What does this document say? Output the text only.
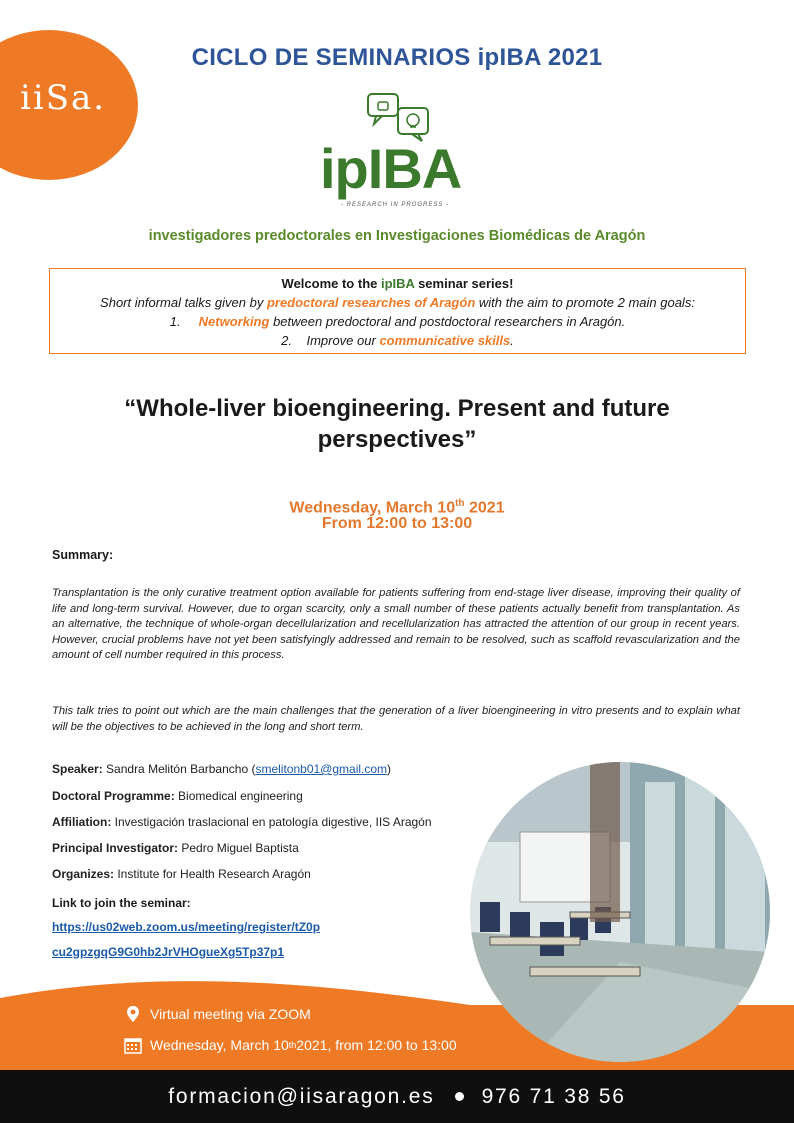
iiSa.
CICLO DE SEMINARIOS ipIBA 2021
ipIBA
- RESEARCH IN PROGRESS -
investigadores predoctorales en Investigaciones Biomédicas de Aragón
Welcome to the ipIBA seminar series!
Short informal talks given by predoctoral researches of Aragón with the aim to promote 2 main goals:
1. Networking between predoctoral and postdoctoral researchers in Aragón.
2. Improve our communicative skills.
“Whole-liver bioengineering. Present and future
perspectives”
Wednesday, March 10th 2021
From 12:00 to 13:00
Summary:
Transplantation is the only curative treatment option available for patients suffering from end-stage liver disease, improving their quality of life and long-term survival. However, due to organ scarcity, only a small number of these patients actually benefit from transplantation. As an alternative, the technique of whole-organ decellularization and recellularization has attracted the attention of our group in recent years. However, crucial problems have not yet been satisfyingly addressed and remain to be resolved, such as scaffold revascularization and the amount of cell number required in this process.
This talk tries to point out which are the main challenges that the generation of a liver bioengineering in vitro presents and to explain what will be the objectives to be achieved in the long and short term.
Speaker: Sandra Melitón Barbancho (smelitonb01@gmail.com)
Doctoral Programme: Biomedical engineering
Affiliation: Investigación traslacional en patología digestive, IIS Aragón
Principal Investigator: Pedro Miguel Baptista
Organizes: Institute for Health Research Aragón
Link to join the seminar:
https://us02web.zoom.us/meeting/register/tZ0p
cu2gpzgqG9G0hb2JrVHOgueXg5Tp37p1
Virtual meeting via ZOOM
Wednesday, March 10 th 2021, from 12:00 to 13:00
formacion@iisaragon.es 976 71 38 56
